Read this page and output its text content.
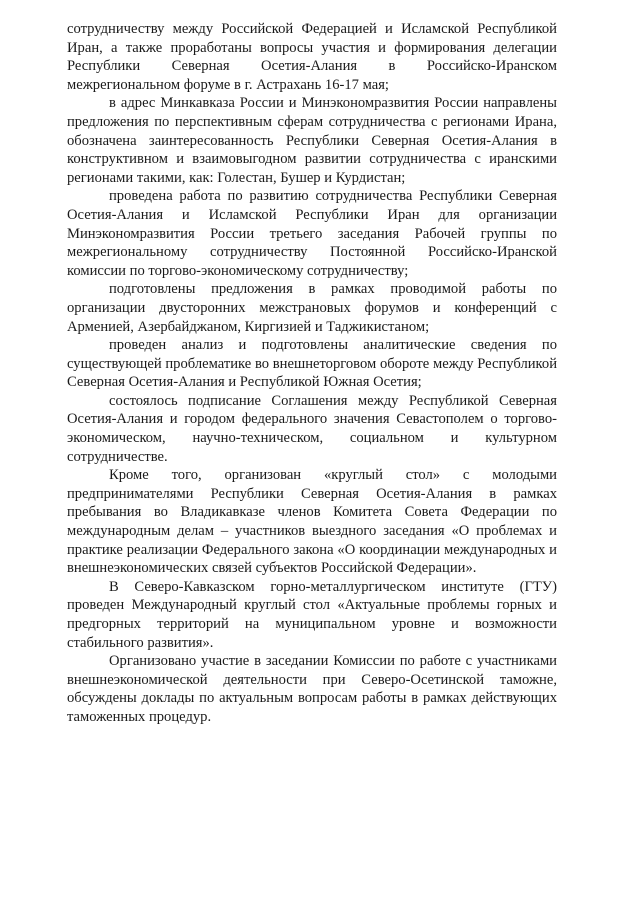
сотрудничеству между Российской Федерацией и Исламской Республикой Иран, а также проработаны вопросы участия и формирования делегации Республики Северная Осетия-Алания в Российско-Иранском межрегиональном форуме в г. Астрахань 16-17 мая;

в адрес Минкавказа России и Минэкономразвития России направлены предложения по перспективным сферам сотрудничества с регионами Ирана, обозначена заинтересованность Республики Северная Осетия-Алания в конструктивном и взаимовыгодном развитии сотрудничества с иранскими регионами такими, как: Голестан, Бушер и Курдистан;

проведена работа по развитию сотрудничества Республики Северная Осетия-Алания и Исламской Республики Иран для организации Минэкономразвития России третьего заседания Рабочей группы по межрегиональному сотрудничеству Постоянной Российско-Иранской комиссии по торгово-экономическому сотрудничеству;

подготовлены предложения в рамках проводимой работы по организации двусторонних межстрановых форумов и конференций с Арменией, Азербайджаном, Киргизией и Таджикистаном;

проведен анализ и подготовлены аналитические сведения по существующей проблематике во внешнеторговом обороте между Республикой Северная Осетия-Алания и Республикой Южная Осетия;

состоялось подписание Соглашения между Республикой Северная Осетия-Алания и городом федерального значения Севастополем о торгово-экономическом, научно-техническом, социальном и культурном сотрудничестве.

Кроме того, организован «круглый стол» с молодыми предпринимателями Республики Северная Осетия-Алания в рамках пребывания во Владикавказе членов Комитета Совета Федерации по международным делам – участников выездного заседания «О проблемах и практике реализации Федерального закона «О координации международных и внешнеэкономических связей субъектов Российской Федерации».

В Северо-Кавказском горно-металлургическом институте (ГТУ) проведен Международный круглый стол «Актуальные проблемы горных и предгорных территорий на муниципальном уровне и возможности стабильного развития».

Организовано участие в заседании Комиссии по работе с участниками внешнеэкономической деятельности при Северо-Осетинской таможне, обсуждены доклады по актуальным вопросам работы в рамках действующих таможенных процедур.
